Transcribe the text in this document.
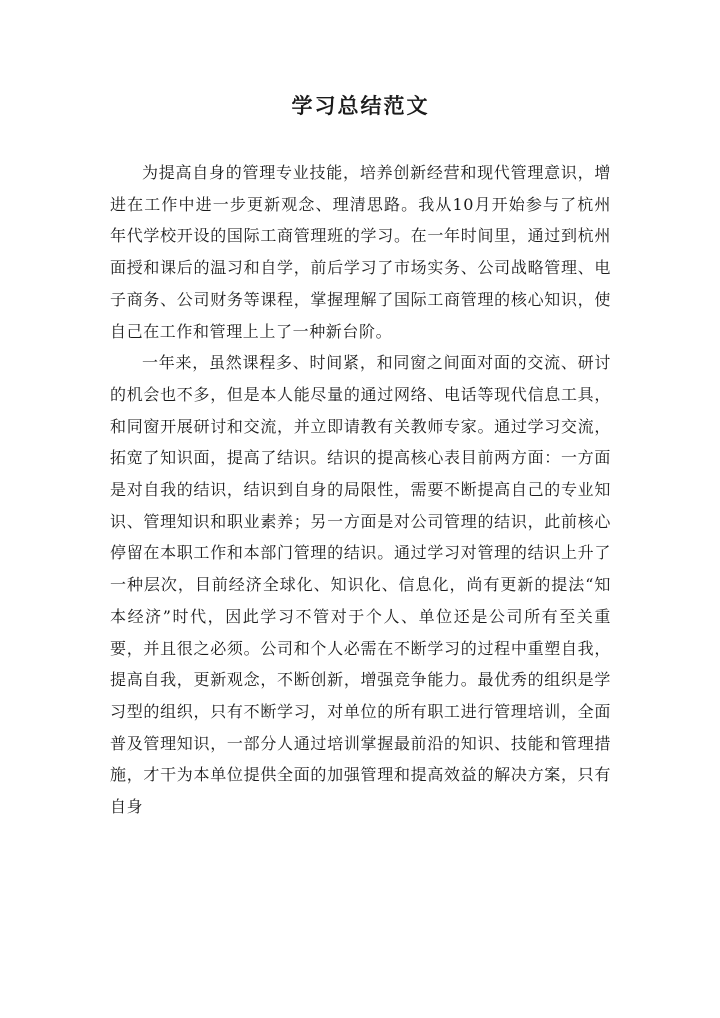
学习总结范文

为提高自身的管理专业技能，培养创新经营和现代管理意识，增进在工作中进一步更新观念、理清思路。我从10月开始参与了杭州年代学校开设的国际工商管理班的学习。在一年时间里，通过到杭州面授和课后的温习和自学，前后学习了市场实务、公司战略管理、电子商务、公司财务等课程，掌握理解了国际工商管理的核心知识，使自己在工作和管理上上了一种新台阶。

一年来，虽然课程多、时间紧，和同窗之间面对面的交流、研讨的机会也不多，但是本人能尽量的通过网络、电话等现代信息工具，和同窗开展研讨和交流，并立即请教有关教师专家。通过学习交流，拓宽了知识面，提高了结识。结识的提高核心表目前两方面：一方面是对自我的结识，结识到自身的局限性，需要不断提高自己的专业知识、管理知识和职业素养；另一方面是对公司管理的结识，此前核心停留在本职工作和本部门管理的结识。通过学习对管理的结识上升了一种层次，目前经济全球化、知识化、信息化，尚有更新的提法“知本经济”时代，因此学习不管对于个人、单位还是公司所有至关重要，并且很之必须。公司和个人必需在不断学习的过程中重塑自我，提高自我，更新观念，不断创新，增强竞争能力。最优秀的组织是学习型的组织，只有不断学习，对单位的所有职工进行管理培训，全面普及管理知识，一部分人通过培训掌握最前沿的知识、技能和管理措施，才干为本单位提供全面的加强管理和提高效益的解决方案，只有自身
